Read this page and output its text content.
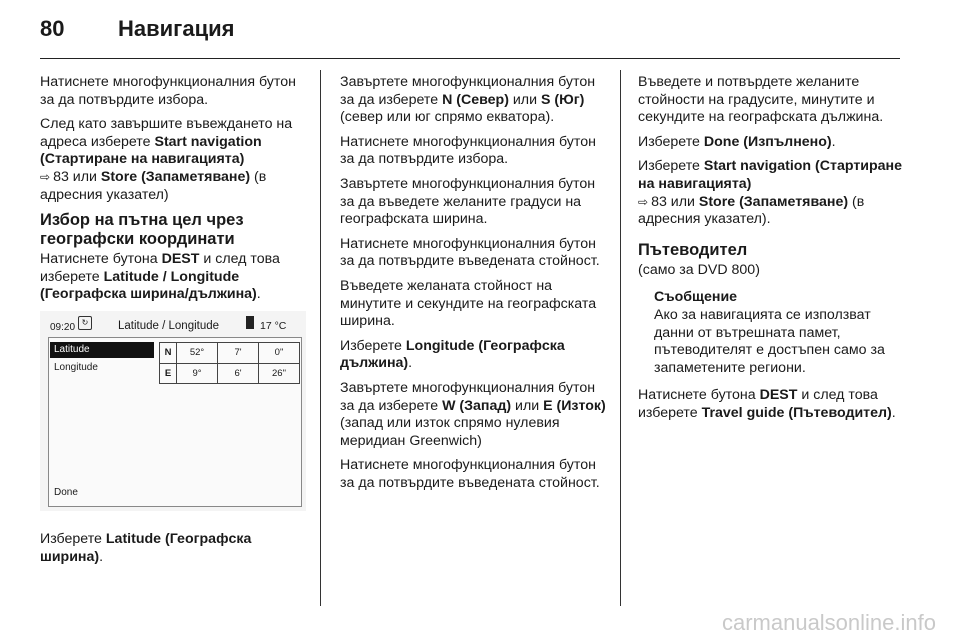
80	Навигация

Натиснете многофункционалния бутон за да потвърдите избора.

След като завършите въвеждането на адреса изберете Start navigation (Стартиране на навигацията)
⇨ 83 или Store (Запаметяване) (в адресния указател)

Избор на пътна цел чрез географски координати

Натиснете бутона DEST и след това изберете Latitude / Longitude (Географска ширина/дължина).

09:20 ↻	Latitude / Longitude	17 °C
Latitude
Longitude
N	52°	7'	0"
E	9°	6'	26"
Done

Изберете Latitude (Географска ширина).

Завъртете многофункционалния бутон за да изберете N (Север) или S (Юг) (север или юг спрямо екватора).

Натиснете многофункционалния бутон за да потвърдите избора.

Завъртете многофункционалния бутон за да въведете желаните градуси на географската ширина.

Натиснете многофункционалния бутон за да потвърдите въведената стойност.

Въведете желаната стойност на минутите и секундите на географската ширина.

Изберете Longitude (Географска дължина).

Завъртете многофункционалния бутон за да изберете W (Запад) или E (Изток) (запад или изток спрямо нулевия меридиан Greenwich)

Натиснете многофункционалния бутон за да потвърдите въведената стойност.

Въведете и потвърдете желаните стойности на градусите, минутите и секундите на географската дължина.

Изберете Done (Изпълнено).

Изберете Start navigation (Стартиране на навигацията)
⇨ 83 или Store (Запаметяване) (в адресния указател).

Пътеводител

(само за DVD 800)

Съобщение
Ако за навигацията се използват данни от вътрешната памет, пътеводителят е достъпен само за запаметените региони.

Натиснете бутона DEST и след това изберете Travel guide (Пътеводител).

carmanualsonline.info
